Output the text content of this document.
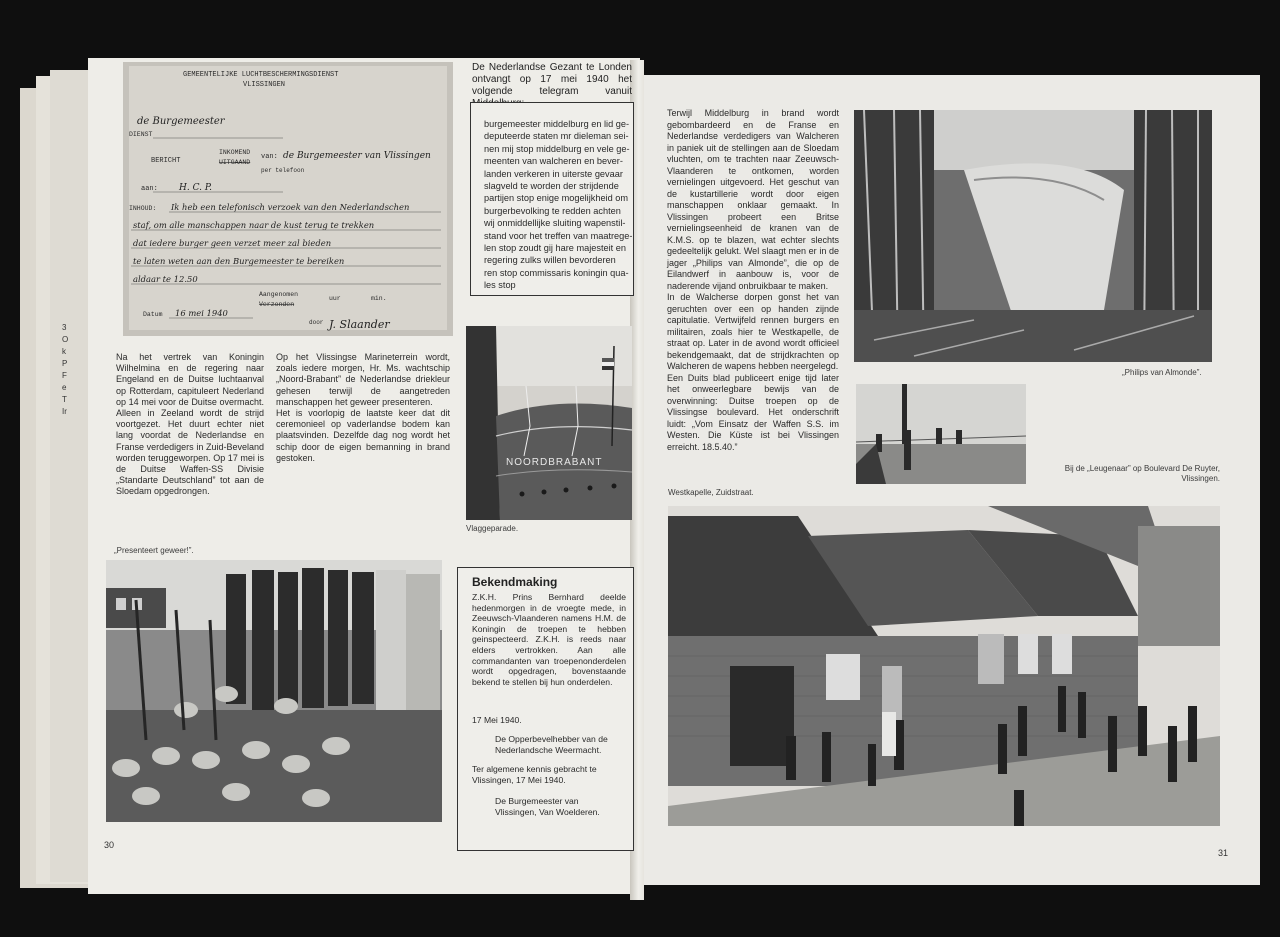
3
O
k
P
F
e
T
Ir
GEMEENTELIJKE LUCHTBESCHERMINGSDIENST
VLISSINGEN
DIENST
BERICHT
INKOMEND
UITGAAND
van:
per telefoon
aan:
INHOUD:
Aangenomen
Verzonden
uur	min.
Datum
door
de Burgemeester van Vlissingen
H. C. P.
Ik heb een telefonisch verzoek van den Nederlandschen
staf, om alle manschappen naar de kust terug te trekken
dat iedere burger geen verzet meer zal bieden
te laten weten aan den Burgemeester te bereiken
aldaar te 12.50
16 mei 1940
J. Slaander
de Burgemeester
De Nederlandse Gezant te Londen ontvangt op 17 mei 1940 het volgende telegram vanuit
burgemeester middelburg en lid ge-
deputeerde staten mr dieleman sei-
nen mij stop middelburg en vele ge-
meenten van walcheren en bever-
landen verkeren in uiterste gevaar
slagveld te worden der strijdende
partijen stop enige mogelijkheid om
burgerbevolking te redden achten
wij onmiddellijke sluiting wapenstil-
stand voor het treffen van maatrege-
len stop zoudt gij hare majesteit en
regering zulks willen bevorderen
ren stop commissaris koningin qua-
les stop

Na het vertrek van Koningin Wilhelmina en de regering naar Engeland en de Duitse luchtaanval op Rotterdam, capituleert Nederland op 14 mei voor de Duitse overmacht. Alleen in Zeeland wordt de strijd voortgezet. Het duurt echter niet lang voordat de Nederlandse en Franse verdedigers in Zuid-Beveland worden teruggeworpen. Op 17 mei is de Duitse Waffen-SS Divisie „Standarte Deutschland” tot aan de Sloedam opgedrongen.

Op het Vlissingse Marineterrein wordt, zoals iedere morgen, Hr. Ms. wachtschip „Noord-Brabant” de Nederlandse driekleur gehesen terwijl de aangetreden manschappen het geweer presenteren.
Het is voorlopig de laatste keer dat dit ceremonieel op vaderlandse bodem kan plaatsvinden. Dezelfde dag nog wordt het schip door de eigen bemanning in brand gestoken.	NOORDBRABANT
Vlaggeparade.
„Presenteert geweer!”.
Bekendmaking
Z.K.H. Prins Bernhard deelde hedenmorgen in de vroegte mede, in Zeeuwsch-Vlaanderen namens H.M. de Koningin de troepen te hebben geinspecteerd. Z.K.H. is reeds naar elders vertrokken. Aan alle commandanten van troepenonderdelen wordt opgedragen, bovenstaande bekend te stellen bij hun onderdelen.
17 Mei 1940.
De Opperbevelhebber van de Nederlandsche Weermacht.
Ter algemene kennis gebracht te Vlissingen, 17 Mei 1940.
De Burgemeester van Vlissingen, Van Woelderen.
30

Terwijl Middelburg in brand wordt gebombardeerd en de Franse en Nederlandse verdedigers van Walcheren in paniek uit de stellingen aan de Sloedam vluchten, om te trachten naar Zeeuwsch-Vlaanderen te ontkomen, worden vernielingen uitgevoerd. Het geschut van de kustartillerie wordt door eigen manschappen onklaar gemaakt. In Vlissingen probeert een Britse vernielingseenheid de kranen van de K.M.S. op te blazen, wat echter slechts gedeeltelijk gelukt. Wel slaagt men er in de jager „Philips van Almonde”, die op de Eilandwerf in aanbouw is, voor de naderende vijand onbruikbaar te maken.
In de Walcherse dorpen gonst het van geruchten over een op handen zijnde capitulatie. Vertwijfeld rennen burgers en militairen, zoals hier te Westkapelle, de straat op. Later in de avond wordt officieel bekendgemaakt, dat de strijdkrachten op Walcheren de wapens hebben neergelegd.
Een Duits blad publiceert enige tijd later het onweerlegbare bewijs van de overwinning: Duitse troepen op de Vlissingse boulevard. Het onderschrift luidt: „Vom Einsatz der Waffen S.S. im Westen. Die Küste ist bei Vlissingen erreicht. 18.5.40.”

„Philips van Almonde”.
Bij de „Leugenaar” op Boulevard De Ruyter, Vlissingen.
Westkapelle, Zuidstraat.
31
